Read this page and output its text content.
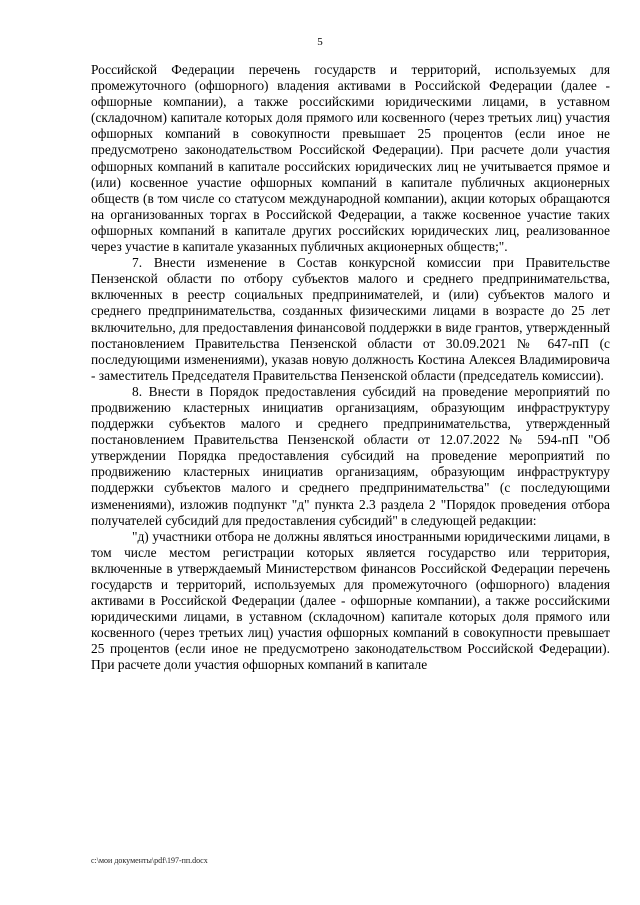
5

Российской Федерации перечень государств и территорий, используемых для промежуточного (офшорного) владения активами в Российской Федерации (далее - офшорные компании), а также российскими юридическими лицами, в уставном (складочном) капитале которых доля прямого или косвенного (через третьих лиц) участия офшорных компаний в совокупности превышает 25 процентов (если иное не предусмотрено законодательством Российской Федерации). При расчете доли участия офшорных компаний в капитале российских юридических лиц не учитывается прямое и (или) косвенное участие офшорных компаний в капитале публичных акционерных обществ (в том числе со статусом международной компании), акции которых обращаются на организованных торгах в Российской Федерации, а также косвенное участие таких офшорных компаний в капитале других российских юридических лиц, реализованное через участие в капитале указанных публичных акционерных обществ;".

7. Внести изменение в Состав конкурсной комиссии при Правительстве Пензенской области по отбору субъектов малого и среднего предпринимательства, включенных в реестр социальных предпринимателей, и (или) субъектов малого и среднего предпринимательства, созданных физическими лицами в возрасте до 25 лет включительно, для предоставления финансовой поддержки в виде грантов, утвержденный постановлением Правительства Пензенской области от 30.09.2021 № 647-пП (с последующими изменениями), указав новую должность Костина Алексея Владимировича - заместитель Председателя Правительства Пензенской области (председатель комиссии).

8. Внести в Порядок предоставления субсидий на проведение мероприятий по продвижению кластерных инициатив организациям, образующим инфраструктуру поддержки субъектов малого и среднего предпринимательства, утвержденный постановлением Правительства Пензенской области от 12.07.2022 № 594-пП "Об утверждении Порядка предоставления субсидий на проведение мероприятий по продвижению кластерных инициатив организациям, образующим инфраструктуру поддержки субъектов малого и среднего предпринимательства" (с последующими изменениями), изложив подпункт "д" пункта 2.3 раздела 2 "Порядок проведения отбора получателей субсидий для предоставления субсидий" в следующей редакции:

"д) участники отбора не должны являться иностранными юридическими лицами, в том числе местом регистрации которых является государство или территория, включенные в утверждаемый Министерством финансов Российской Федерации перечень государств и территорий, используемых для промежуточного (офшорного) владения активами в Российской Федерации (далее - офшорные компании), а также российскими юридическими лицами, в уставном (складочном) капитале которых доля прямого или косвенного (через третьих лиц) участия офшорных компаний в совокупности превышает 25 процентов (если иное не предусмотрено законодательством Российской Федерации). При расчете доли участия офшорных компаний в капитале

c:\мои документы\pdf\197-пп.docx
